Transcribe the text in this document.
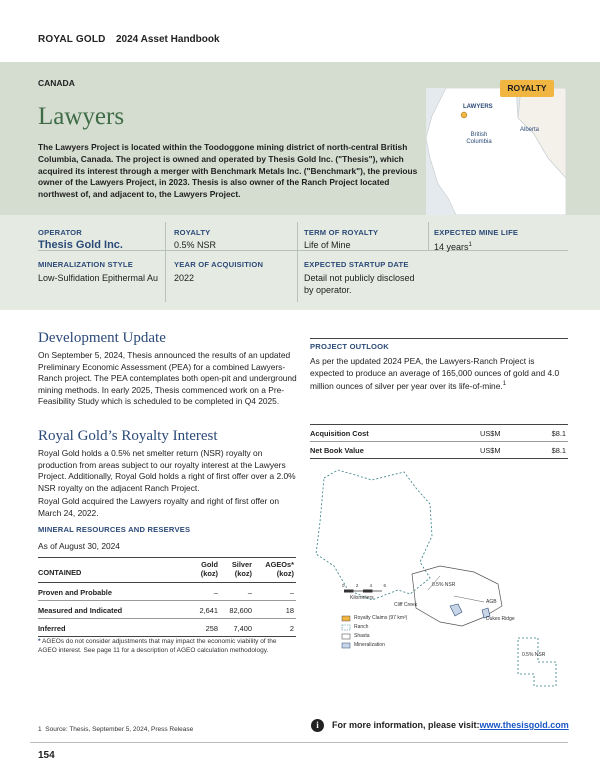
ROYAL GOLD 2024 Asset Handbook
CANADA
Lawyers
The Lawyers Project is located within the Toodoggone mining district of north-central British Columbia, Canada. The project is owned and operated by Thesis Gold Inc. ("Thesis"), which acquired its interest through a merger with Benchmark Metals Inc. ("Benchmark"), the previous owner of the Lawyers Project, in 2023. Thesis is also owner of the Ranch Project located northwest of, and adjacent to, the Lawyers Project.
LAWYERS
British Columbia
Alberta
ROYALTY
OPERATOR
Thesis Gold Inc.
ROYALTY
0.5% NSR
TERM OF ROYALTY
Life of Mine
EXPECTED MINE LIFE
14 years$^1$
MINERALIZATION STYLE
Low-Sulfidation Epithermal Au
YEAR OF ACQUISITION
2022
EXPECTED STARTUP DATE
Detail not publicly disclosed by operator.
Development Update
On September 5, 2024, Thesis announced the results of an updated Preliminary Economic Assessment (PEA) for a combined Lawyers-Ranch project. The PEA contemplates both open-pit and underground mining methods. In early 2025, Thesis commenced work on a Pre-Feasibility Study which is scheduled to be completed in Q4 2025.
Royal Gold’s Royalty Interest
Royal Gold holds a 0.5% net smelter return (NSR) royalty on production from areas subject to our royalty interest at the Lawyers Project. Additionally, Royal Gold holds a right of first offer over a 2.0% NSR royalty on the adjacent Ranch Project.
Royal Gold acquired the Lawyers royalty and right of first offer on March 24, 2022.
MINERAL RESOURCES AND RESERVES
As of August 30, 2024
CONTAINED
Gold
(koz)
Silver
(koz)
AGEOs*
(koz)
Proven and Probable	–	–	–
Measured and Indicated	2,641	82,600	18
Inferred	258	7,400	2
* AGEOs do not consider adjustments that may impact the economic viability of the AGEO interest. See page 11 for a description of AGEO calculation methodology.
PROJECT OUTLOOK
As per the updated 2024 PEA, the Lawyers-Ranch Project is expected to produce an average of 165,000 ounces of gold and 4.0 million ounces of silver per year over its life-of-mine.$^1$
Acquisition Cost	US$M	$8.1
Net Book Value	US$M	$8.1
0.5% NSR
0	2	4	6
Kilometers
AGB
Cliff Creek
Dukes Ridge
Royalty Claims (97 km²)
Ranch
Shasta
Mineralization
0.5% NSR
1 Source: Thesis, September 5, 2024, Press Release	i	For more information, please visit:www.thesisgold.com
154
